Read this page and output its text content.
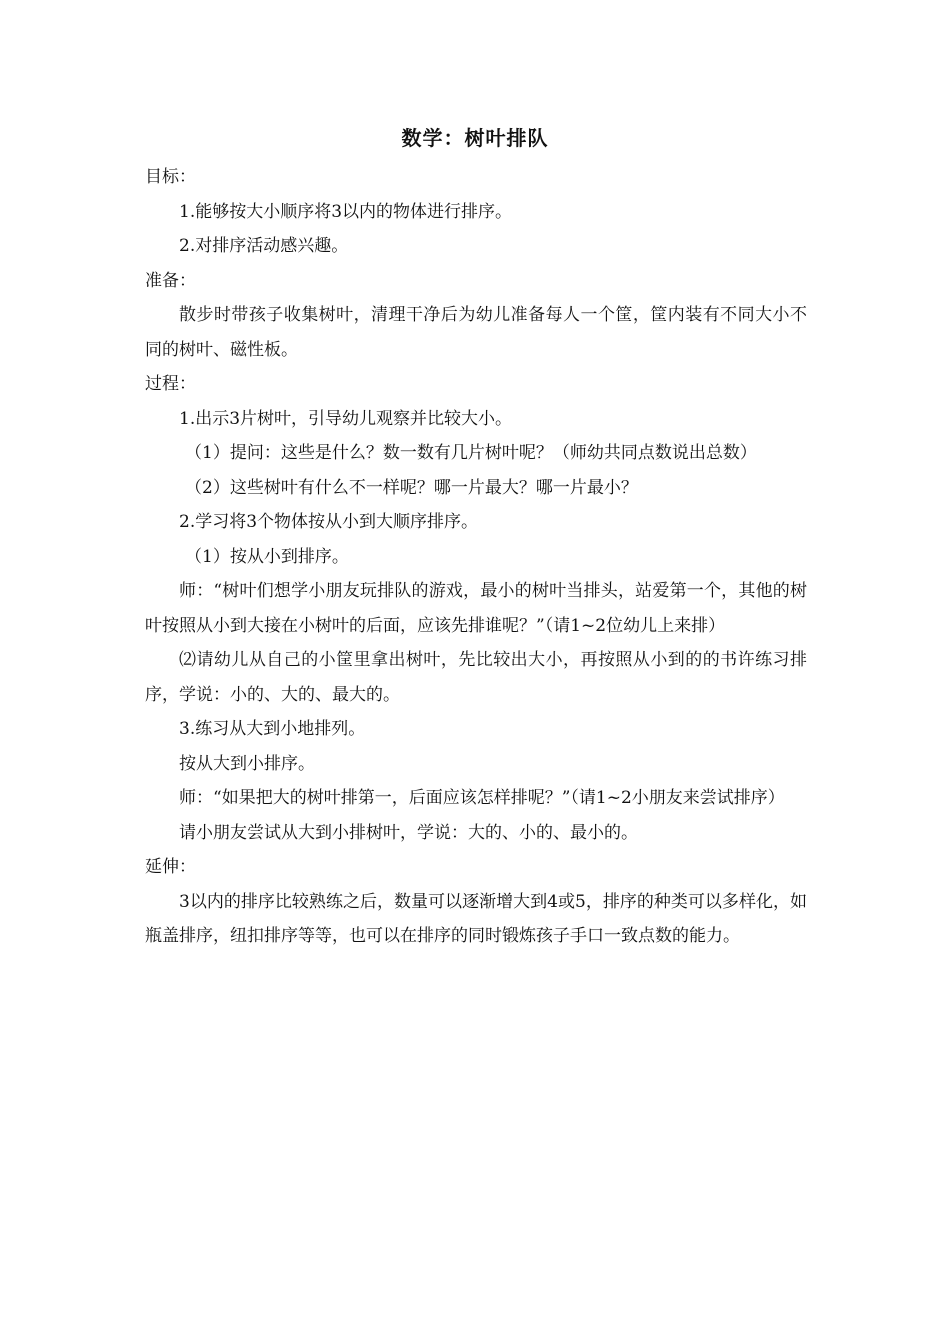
数学：树叶排队

目标：

1.能够按大小顺序将3以内的物体进行排序。

2.对排序活动感兴趣。

准备：

散步时带孩子收集树叶，清理干净后为幼儿准备每人一个筐，筐内装有不同大小不同的树叶、磁性板。

过程：

1.出示3片树叶，引导幼儿观察并比较大小。

（1）提问：这些是什么？数一数有几片树叶呢？（师幼共同点数说出总数）

（2）这些树叶有什么不一样呢？哪一片最大？哪一片最小？

2.学习将3个物体按从小到大顺序排序。

（1）按从小到排序。

师：“树叶们想学小朋友玩排队的游戏，最小的树叶当排头，站爱第一个，其他的树叶按照从小到大接在小树叶的后面，应该先排谁呢？”（请1~2位幼儿上来排）

⑵请幼儿从自己的小筐里拿出树叶，先比较出大小，再按照从小到的的书许练习排序，学说：小的、大的、最大的。

3.练习从大到小地排列。

按从大到小排序。

师：“如果把大的树叶排第一，后面应该怎样排呢？”（请1~2小朋友来尝试排序）

请小朋友尝试从大到小排树叶，学说：大的、小的、最小的。

延伸：

3以内的排序比较熟练之后，数量可以逐渐增大到4或5，排序的种类可以多样化，如瓶盖排序，纽扣排序等等，也可以在排序的同时锻炼孩子手口一致点数的能力。
